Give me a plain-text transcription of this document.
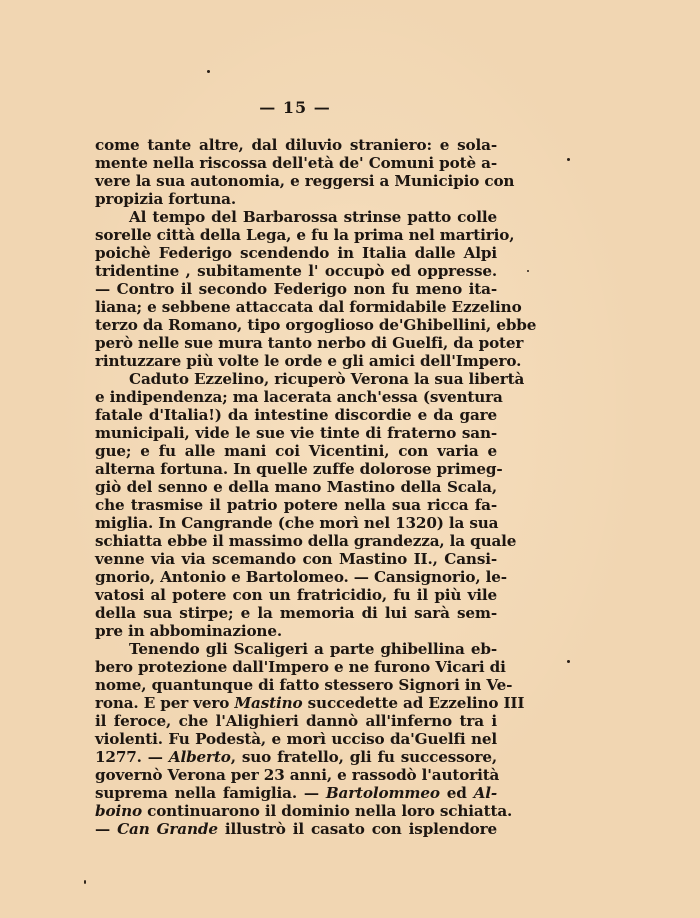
— 15 —
come tante altre, dal diluvio straniero: e sola-
mente nella riscossa dell'età de' Comuni potè a-
vere la sua autonomia, e reggersi a Municipio con
propizia fortuna.
Al tempo del Barbarossa strinse patto colle
sorelle città della Lega, e fu la prima nel martirio,
poichè Federigo scendendo in Italia dalle Alpi
tridentine , subitamente l' occupò ed oppresse.
— Contro il secondo Federigo non fu meno ita-
liana; e sebbene attaccata dal formidabile Ezzelino
terzo da Romano, tipo orgoglioso de'Ghibellini, ebbe
però nelle sue mura tanto nerbo di Guelfi, da poter
rintuzzare più volte le orde e gli amici dell'Impero.
Caduto Ezzelino, ricuperò Verona la sua libertà
e indipendenza; ma lacerata anch'essa (sventura
fatale d'Italia!) da intestine discordie e da gare
municipali, vide le sue vie tinte di fraterno san-
gue; e fu alle mani coi Vicentini, con varia e
alterna fortuna. In quelle zuffe dolorose primeg-
giò del senno e della mano Mastino della Scala,
che trasmise il patrio potere nella sua ricca fa-
miglia. In Cangrande (che morì nel 1320) la sua
schiatta ebbe il massimo della grandezza, la quale
venne via via scemando con Mastino II., Cansi-
gnorio, Antonio e Bartolomeo. — Cansignorio, le-
vatosi al potere con un fratricidio, fu il più vile
della sua stirpe; e la memoria di lui sarà sem-
pre in abbominazione.
Tenendo gli Scaligeri a parte ghibellina eb-
bero protezione dall'Impero e ne furono Vicari di
nome, quantunque di fatto stessero Signori in Ve-
rona. E per vero Mastino succedette ad Ezzelino III
il feroce, che l'Alighieri dannò all'inferno tra i
violenti. Fu Podestà, e morì ucciso da'Guelfi nel
1277. — Alberto, suo fratello, gli fu successore,
governò Verona per 23 anni, e rassodò l'autorità
suprema nella famiglia. — Bartolommeo ed Al-
boino continuarono il dominio nella loro schiatta.
— Can Grande illustrò il casato con isplendore
